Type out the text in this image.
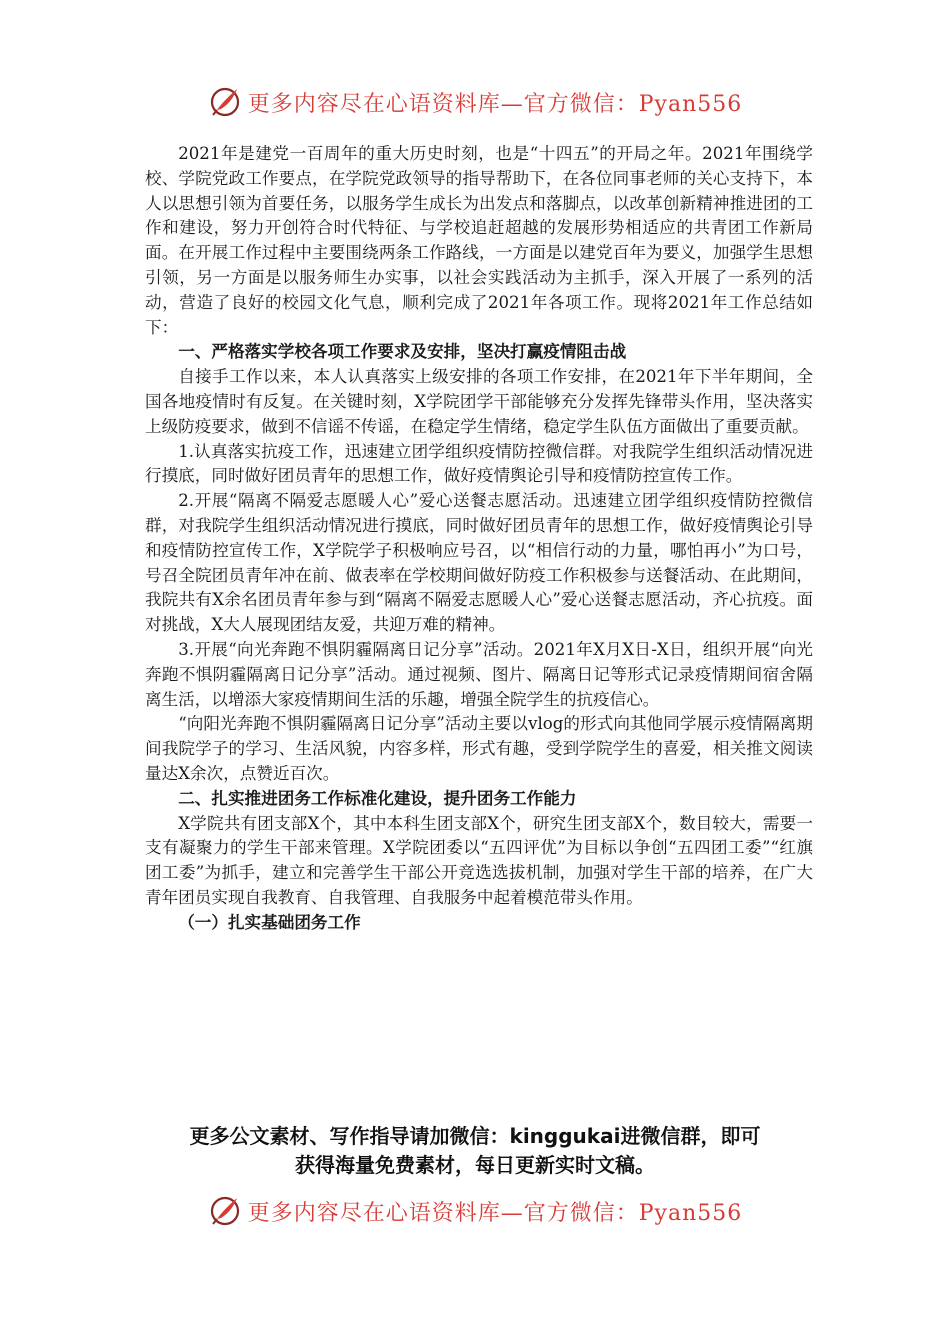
更多内容尽在心语资料库—官方微信：Pyan556

2021年是建党一百周年的重大历史时刻，也是“十四五”的开局之年。2021年围绕学校、学院党政工作要点，在学院党政领导的指导帮助下，在各位同事老师的关心支持下，本人以思想引领为首要任务，以服务学生成长为出发点和落脚点，以改革创新精神推进团的工作和建设，努力开创符合时代特征、与学校追赶超越的发展形势相适应的共青团工作新局面。在开展工作过程中主要围绕两条工作路线，一方面是以建党百年为要义，加强学生思想引领，另一方面是以服务师生办实事，以社会实践活动为主抓手，深入开展了一系列的活动，营造了良好的校园文化气息，顺利完成了2021年各项工作。现将2021年工作总结如下：

一、严格落实学校各项工作要求及安排，坚决打赢疫情阻击战

自接手工作以来，本人认真落实上级安排的各项工作安排，在2021年下半年期间，全国各地疫情时有反复。在关键时刻，X学院团学干部能够充分发挥先锋带头作用，坚决落实上级防疫要求，做到不信谣不传谣，在稳定学生情绪，稳定学生队伍方面做出了重要贡献。

1.认真落实抗疫工作，迅速建立团学组织疫情防控微信群。对我院学生组织活动情况进行摸底，同时做好团员青年的思想工作，做好疫情舆论引导和疫情防控宣传工作。

2.开展“隔离不隔爱志愿暖人心”爱心送餐志愿活动。迅速建立团学组织疫情防控微信群，对我院学生组织活动情况进行摸底，同时做好团员青年的思想工作，做好疫情舆论引导和疫情防控宣传工作，X学院学子积极响应号召，以“相信行动的力量，哪怕再小”为口号，号召全院团员青年冲在前、做表率在学校期间做好防疫工作积极参与送餐活动、在此期间，我院共有X余名团员青年参与到“隔离不隔爱志愿暖人心”爱心送餐志愿活动，齐心抗疫。面对挑战，X大人展现团结友爱，共迎万难的精神。

3.开展“向光奔跑不惧阴霾隔离日记分享”活动。2021年X月X日-X日，组织开展“向光奔跑不惧阴霾隔离日记分享”活动。通过视频、图片、隔离日记等形式记录疫情期间宿舍隔离生活，以增添大家疫情期间生活的乐趣，增强全院学生的抗疫信心。

“向阳光奔跑不惧阴霾隔离日记分享”活动主要以vlog的形式向其他同学展示疫情隔离期间我院学子的学习、生活风貌，内容多样，形式有趣，受到学院学生的喜爱，相关推文阅读量达X余次，点赞近百次。

二、扎实推进团务工作标准化建设，提升团务工作能力

X学院共有团支部X个，其中本科生团支部X个，研究生团支部X个，数目较大，需要一支有凝聚力的学生干部来管理。X学院团委以“五四评优”为目标以争创“五四团工委”“红旗团工委”为抓手，建立和完善学生干部公开竞选选拔机制，加强对学生干部的培养，在广大青年团员实现自我教育、自我管理、自我服务中起着模范带头作用。

（一）扎实基础团务工作

更多公文素材、写作指导请加微信：kinggukai进微信群，即可
获得海量免费素材，每日更新实时文稿。
更多内容尽在心语资料库—官方微信：Pyan556
